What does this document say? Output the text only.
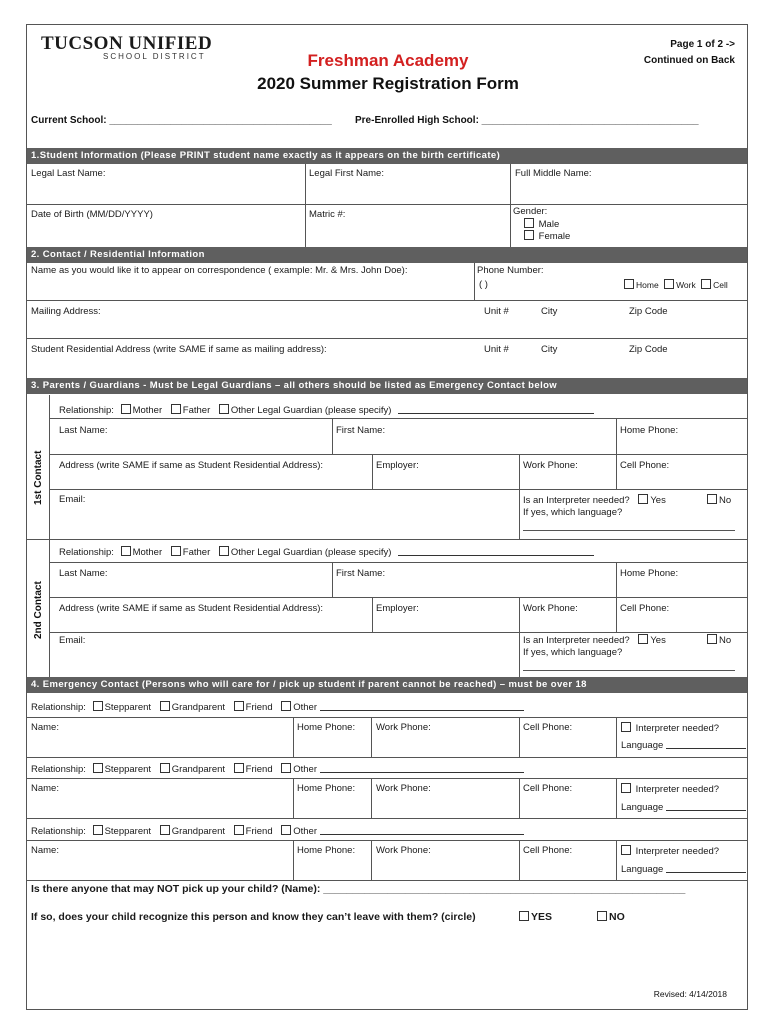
TUCSON UNIFIED
SCHOOL DISTRICT	Freshman Academy
2020 Summer Registration Form
Page 1 of 2 ->
Continued on Back
Current School: ________________________________________ Pre-Enrolled High School: _______________________________________
1.Student Information (Please PRINT student name exactly as it appears on the birth certificate)
Legal Last Name:	Legal First Name:	Full Middle Name:
Date of Birth (MM/DD/YYYY)	Matric #:	Gender:
Male
Female
2. Contact / Residential Information
Name as you would like it to appear on correspondence ( example: Mr. & Mrs. John Doe):	Phone Number:
( )	Home Work Cell
Mailing Address:	Unit #	City	Zip Code
Student Residential Address (write SAME if same as mailing address):	Unit #	City	Zip Code
3. Parents / Guardians - Must be Legal Guardians – all others should be listed as Emergency Contact below
1st Contact
Relationship: Mother Father Other Legal Guardian (please specify)
Last Name:	First Name:	Home Phone:
Address (write SAME if same as Student Residential Address):	Employer:	Work Phone:	Cell Phone:
Email:	Is an Interpreter needed? Yes	No
If yes, which language?
2nd Contact
Relationship: Mother Father Other Legal Guardian (please specify)
Last Name:	First Name:	Home Phone:
Address (write SAME if same as Student Residential Address):	Employer:	Work Phone:	Cell Phone:
Email:	Is an Interpreter needed? Yes	No
If yes, which language?
4. Emergency Contact (Persons who will care for / pick up student if parent cannot be reached) – must be over 18
Relationship: Stepparent Grandparent Friend Other
Name:	Home Phone: Work Phone:	Cell Phone:	Interpreter needed?
Language
Relationship: Stepparent Grandparent Friend Other
Name:	Home Phone: Work Phone:	Cell Phone:	Interpreter needed?
Language
Relationship: Stepparent Grandparent Friend Other
Name:	Home Phone: Work Phone:	Cell Phone:	Interpreter needed?
Language
Is there anyone that may NOT pick up your child? (Name): ______________________________________________________________
If so, does your child recognize this person and know they can’t leave with them? (circle)	YES	NO
Revised: 4/14/2018
